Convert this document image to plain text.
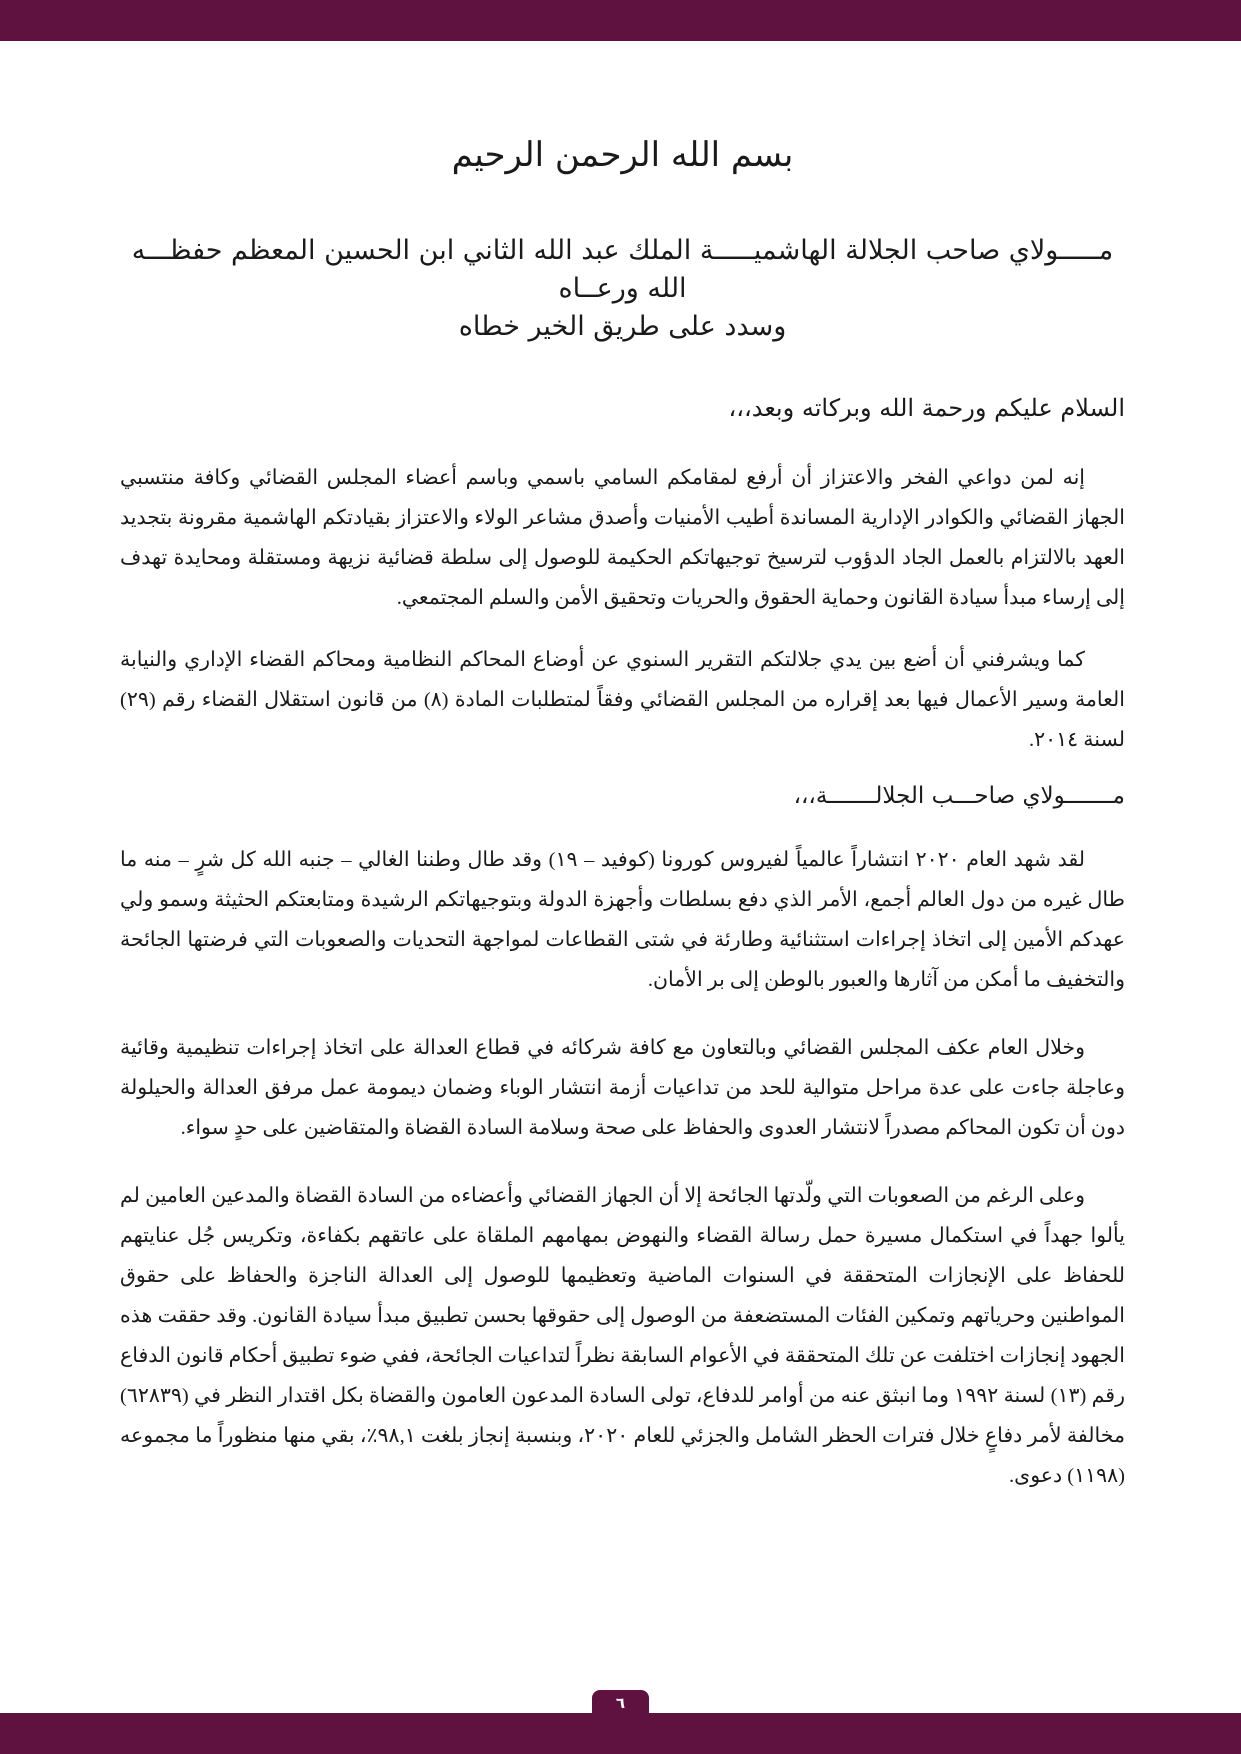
بسم الله الرحمن الرحيم
مـــــولاي صاحب الجلالة الهاشميـــــة الملك عبد الله الثاني ابن الحسين المعظم حفظـــه الله ورعــاه
وسدد على طريق الخير خطاه
السلام عليكم ورحمة الله وبركاته وبعد،،،

إنه لمن دواعي الفخر والاعتزاز أن أرفع لمقامكم السامي باسمي وباسم أعضاء المجلس القضائي وكافة منتسبي الجهاز القضائي والكوادر الإدارية المساندة أطيب الأمنيات وأصدق مشاعر الولاء والاعتزاز بقيادتكم الهاشمية مقرونة بتجديد العهد بالالتزام بالعمل الجاد الدؤوب لترسيخ توجيهاتكم الحكيمة للوصول إلى سلطة قضائية نزيهة ومستقلة ومحايدة تهدف إلى إرساء مبدأ سيادة القانون وحماية الحقوق والحريات وتحقيق الأمن والسلم المجتمعي.

كما ويشرفني أن أضع بين يدي جلالتكم التقرير السنوي عن أوضاع المحاكم النظامية ومحاكم القضاء الإداري والنيابة العامة وسير الأعمال فيها بعد إقراره من المجلس القضائي وفقاً لمتطلبات المادة (٨) من قانون استقلال القضاء رقم (٢٩) لسنة ٢٠١٤.

مـــــــولاي صاحـــب الجلالـــــــة،،،

لقد شهد العام ٢٠٢٠ انتشاراً عالمياً لفيروس كورونا (كوفيد – ١٩) وقد طال وطننا الغالي – جنبه الله كل شرٍ – منه ما طال غيره من دول العالم أجمع، الأمر الذي دفع بسلطات وأجهزة الدولة وبتوجيهاتكم الرشيدة ومتابعتكم الحثيثة وسمو ولي عهدكم الأمين إلى اتخاذ إجراءات استثنائية وطارئة في شتى القطاعات لمواجهة التحديات والصعوبات التي فرضتها الجائحة والتخفيف ما أمكن من آثارها والعبور بالوطن إلى بر الأمان.

وخلال العام عكف المجلس القضائي وبالتعاون مع كافة شركائه في قطاع العدالة على اتخاذ إجراءات تنظيمية وقائية وعاجلة جاءت على عدة مراحل متوالية للحد من تداعيات أزمة انتشار الوباء وضمان ديمومة عمل مرفق العدالة والحيلولة دون أن تكون المحاكم مصدراً لانتشار العدوى والحفاظ على صحة وسلامة السادة القضاة والمتقاضين على حدٍ سواء.

وعلى الرغم من الصعوبات التي ولّدتها الجائحة إلا أن الجهاز القضائي وأعضاءه من السادة القضاة والمدعين العامين لم يألوا جهداً في استكمال مسيرة حمل رسالة القضاء والنهوض بمهامهم الملقاة على عاتقهم بكفاءة، وتكريس جُل عنايتهم للحفاظ على الإنجازات المتحققة في السنوات الماضية وتعظيمها للوصول إلى العدالة الناجزة والحفاظ على حقوق المواطنين وحرياتهم وتمكين الفئات المستضعفة من الوصول إلى حقوقها بحسن تطبيق مبدأ سيادة القانون. وقد حققت هذه الجهود إنجازات اختلفت عن تلك المتحققة في الأعوام السابقة نظراً لتداعيات الجائحة، ففي ضوء تطبيق أحكام قانون الدفاع رقم (١٣) لسنة ١٩٩٢ وما انبثق عنه من أوامر للدفاع، تولى السادة المدعون العامون والقضاة بكل اقتدار النظر في (٦٢٨٣٩) مخالفة لأمر دفاعٍ خلال فترات الحظر الشامل والجزئي للعام ٢٠٢٠، وبنسبة إنجاز بلغت ٩٨,١٪، بقي منها منظوراً ما مجموعه (١١٩٨) دعوى.

٦
